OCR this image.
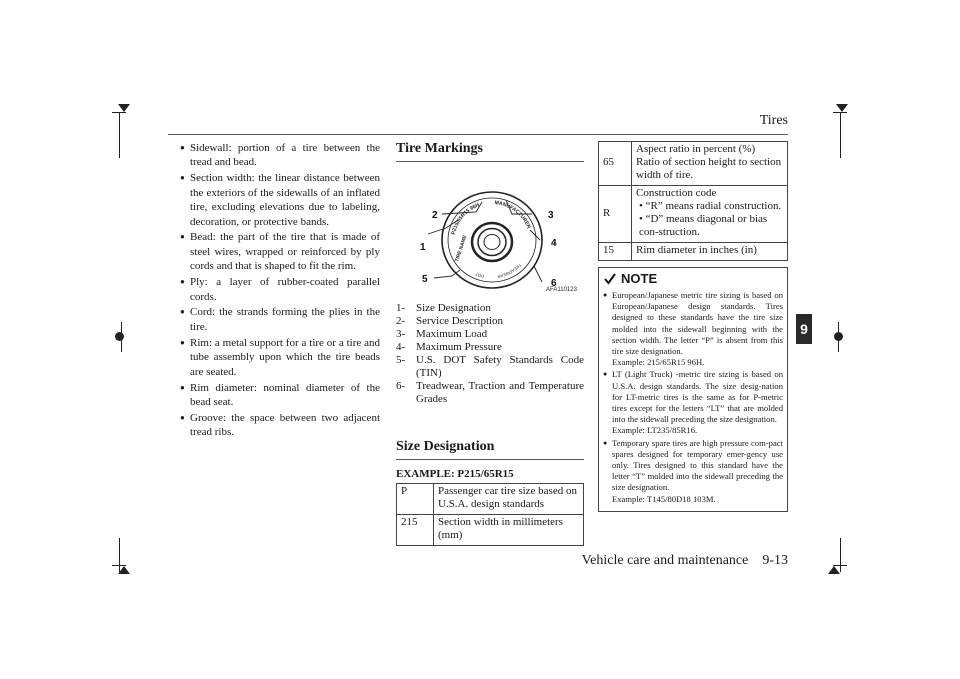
Tires
9
Vehicle care and maintenance    9-13
● Sidewall: portion of a tire between the tread and bead.
● Section width: the linear distance between the exteriors of the sidewalls of an inflated tire, excluding elevations due to labeling, decoration, or protective bands.
● Bead: the part of the tire that is made of steel wires, wrapped or reinforced by ply cords and that is shaped to fit the rim.
● Ply: a layer of rubber-coated parallel cords.
● Cord: the strands forming the plies in the tire.
● Rim: a metal support for a tire or a tire and tube assembly upon which the tire beads are seated.
● Rim diameter: nominal diameter of the bead seat.
● Groove: the space between two adjacent tread ribs.
Tire Markings
P215/65R15 96H	MANUFACTURER
TIRE NAME
TREADWEAR
DOT
1
2	3
4
5	6
AFA110123
1- Size Designation
2- Service Description
3- Maximum Load
4- Maximum Pressure
5- U.S. DOT Safety Standards Code (TIN)
6- Treadwear, Traction and Temperature Grades
Size Designation
EXAMPLE: P215/65R15
P	Passenger car tire size based on U.S.A. design standards
215	Section width in millimeters (mm)
65	Aspect ratio in percent (%)
Ratio of section height to section width of tire.

R	Construction code
• “R” means radial construction.
• “D” means diagonal or bias con-struction.

15	Rim diameter in inches (in)
NOTE

● European/Japanese metric tire sizing is based on European/Japanese design standards. Tires designed to these standards have the tire size molded into the sidewall beginning with the section width. The letter “P” is absent from this tire size designation.

Example: 215/65R15 96H.

● LT (Light Truck) -metric tire sizing is based on U.S.A. design standards. The size desig-nation for LT-metric tires is the same as for P-metric tires except for the letters “LT” that are molded into the sidewall preceding the size designation.

Example: LT235/85R16.

● Temporary spare tires are high pressure com-pact spares designed for temporary emer-gency use only. Tires designed to this standard have the letter “T” molded into the sidewall preceding the size designation.

Example: T145/80D18 103M.
